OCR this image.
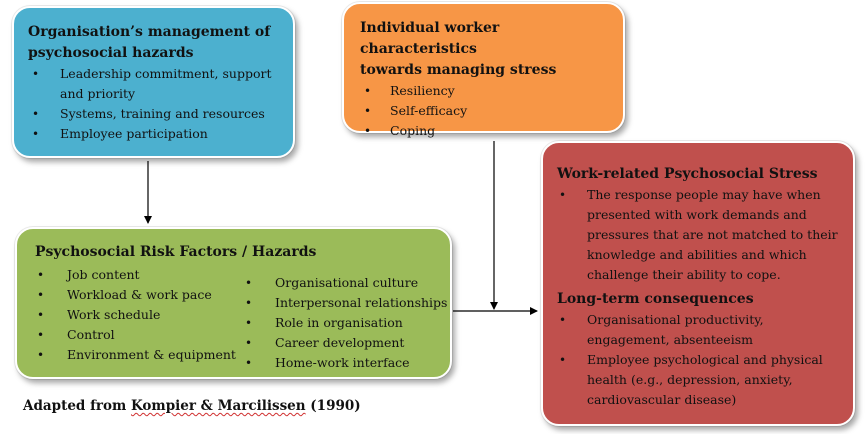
Organisation’s management of
psychosocial hazards
• Leadership commitment, support and priority
• Systems, training and resources
• Employee participation
Individual worker characteristics
towards managing stress
• Resiliency
• Self-efficacy
• Coping
Psychosocial Risk Factors / Hazards
• Job content
• Workload & work pace
• Work schedule
• Control
• Environment & equipment
• Organisational culture
• Interpersonal relationships
• Role in organisation
• Career development
• Home-work interface
Work-related Psychosocial Stress
• The response people may have when presented with work demands and pressures that are not matched to their knowledge and abilities and which challenge their ability to cope.
Long-term consequences
• Organisational productivity, engagement, absenteeism
• Employee psychological and physical health (e.g., depression, anxiety, cardiovascular disease)
Adapted from Kompier & Marcilissen (1990)
